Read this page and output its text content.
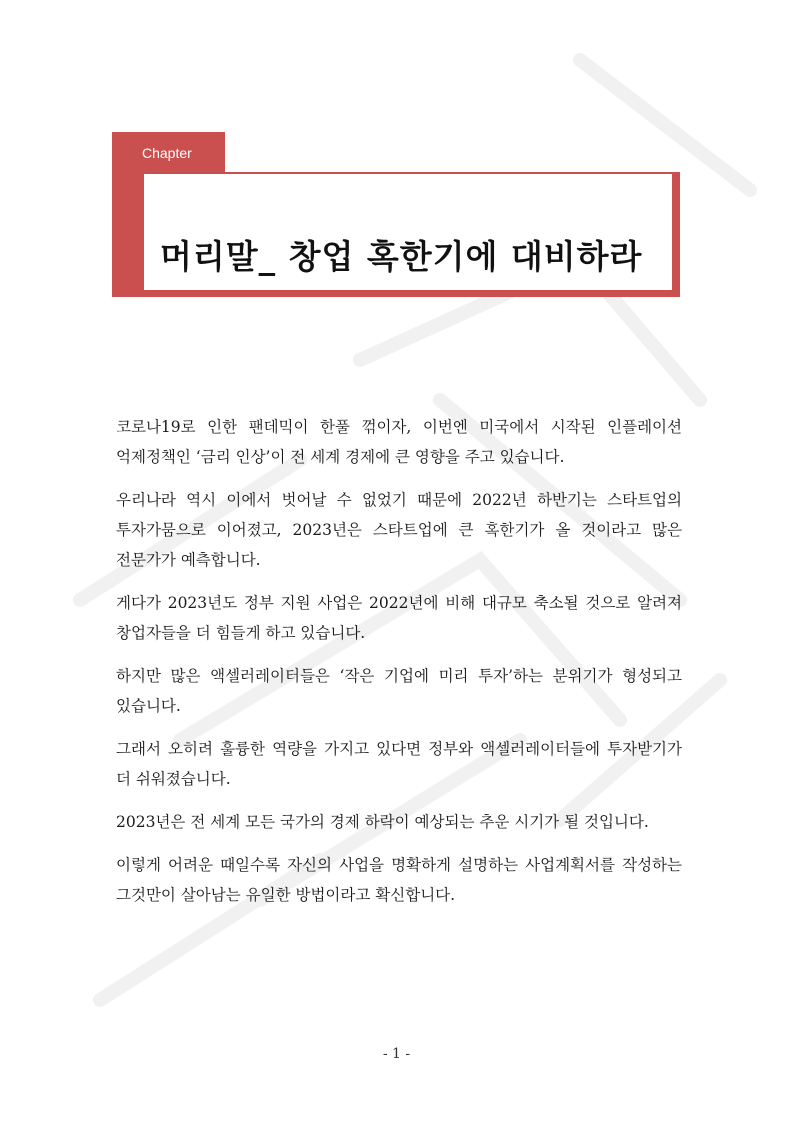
Chapter
머리말_ 창업 혹한기에 대비하라

코로나19로 인한 팬데믹이 한풀 꺾이자, 이번엔 미국에서 시작된 인플레이션 억제정책인 ‘금리 인상’이 전 세계 경제에 큰 영향을 주고 있습니다.

우리나라 역시 이에서 벗어날 수 없었기 때문에 2022년 하반기는 스타트업의 투자가뭄으로 이어졌고, 2023년은 스타트업에 큰 혹한기가 올 것이라고 많은 전문가가 예측합니다.

게다가 2023년도 정부 지원 사업은 2022년에 비해 대규모 축소될 것으로 알려져 창업자들을 더 힘들게 하고 있습니다.

하지만 많은 액셀러레이터들은 ‘작은 기업에 미리 투자’하는 분위기가 형성되고 있습니다.

그래서 오히려 훌륭한 역량을 가지고 있다면 정부와 액셀러레이터들에 투자받기가 더 쉬워졌습니다.

2023년은 전 세계 모든 국가의 경제 하락이 예상되는 추운 시기가 될 것입니다.

이렇게 어려운 때일수록 자신의 사업을 명확하게 설명하는 사업계획서를 작성하는 그것만이 살아남는 유일한 방법이라고 확신합니다.

- 1 -
